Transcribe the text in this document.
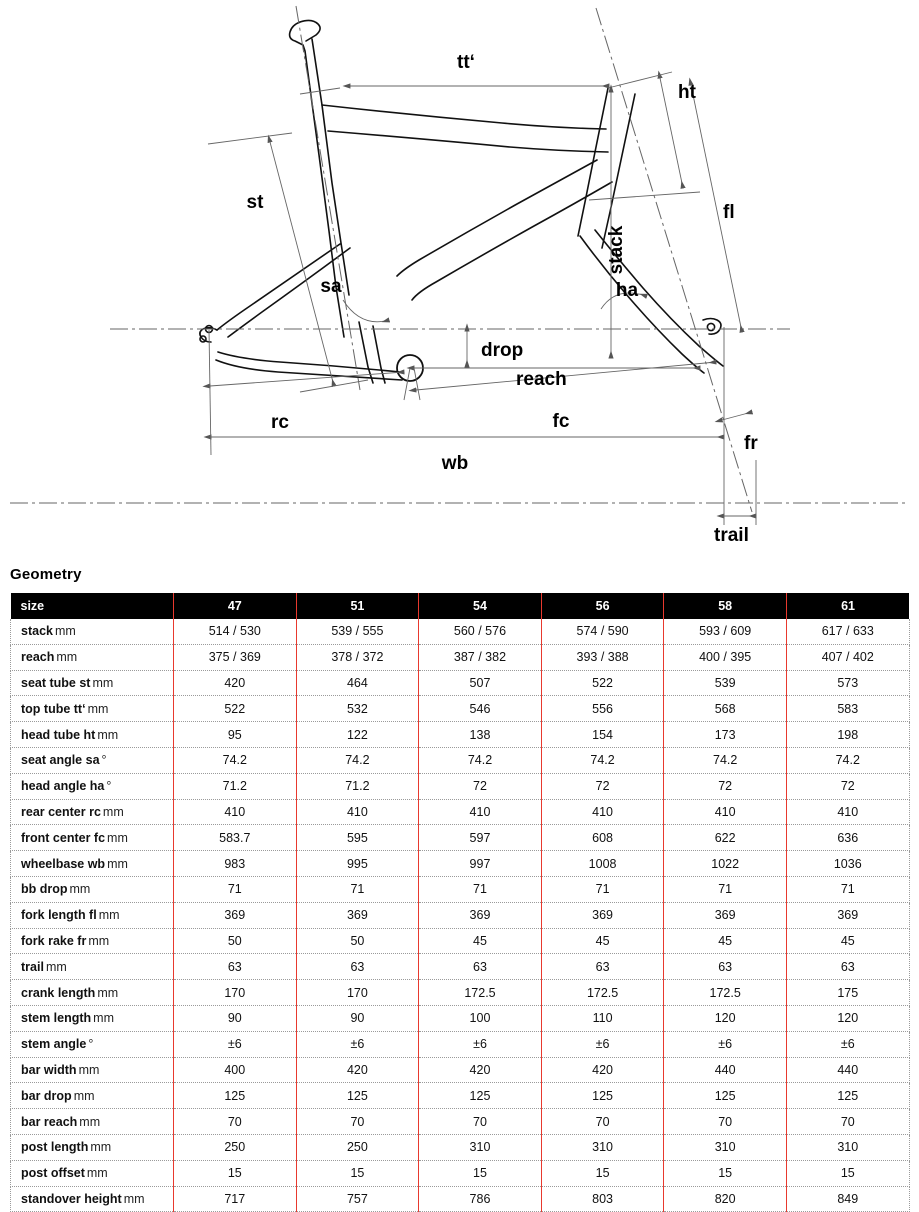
tt‘
ht
st	fl
stack
sa	ha
drop
reach
rc	fc
fr
wb
trail
Geometry
size	47	51	54	56	58	61
stack mm	514 / 530	539 / 555	560 / 576	574 / 590	593 / 609	617 / 633
reach mm	375 / 369	378 / 372	387 / 382	393 / 388	400 / 395	407 / 402
seat tube st mm	420	464	507	522	539	573
top tube tt‘ mm	522	532	546	556	568	583
head tube ht mm	95	122	138	154	173	198
seat angle sa °	74.2	74.2	74.2	74.2	74.2	74.2
head angle ha °	71.2	71.2	72	72	72	72
rear center rc mm	410	410	410	410	410	410
front center fc mm	583.7	595	597	608	622	636
wheelbase wb mm	983	995	997	1008	1022	1036
bb drop mm	71	71	71	71	71	71
fork length fl mm	369	369	369	369	369	369
fork rake fr mm	50	50	45	45	45	45
trail mm	63	63	63	63	63	63
crank length mm	170	170	172.5	172.5	172.5	175
stem length mm	90	90	100	110	120	120
stem angle °	±6	±6	±6	±6	±6	±6
bar width mm	400	420	420	420	440	440
bar drop mm	125	125	125	125	125	125
bar reach mm	70	70	70	70	70	70
post length mm	250	250	310	310	310	310
post offset mm	15	15	15	15	15	15
standover height mm	717	757	786	803	820	849
